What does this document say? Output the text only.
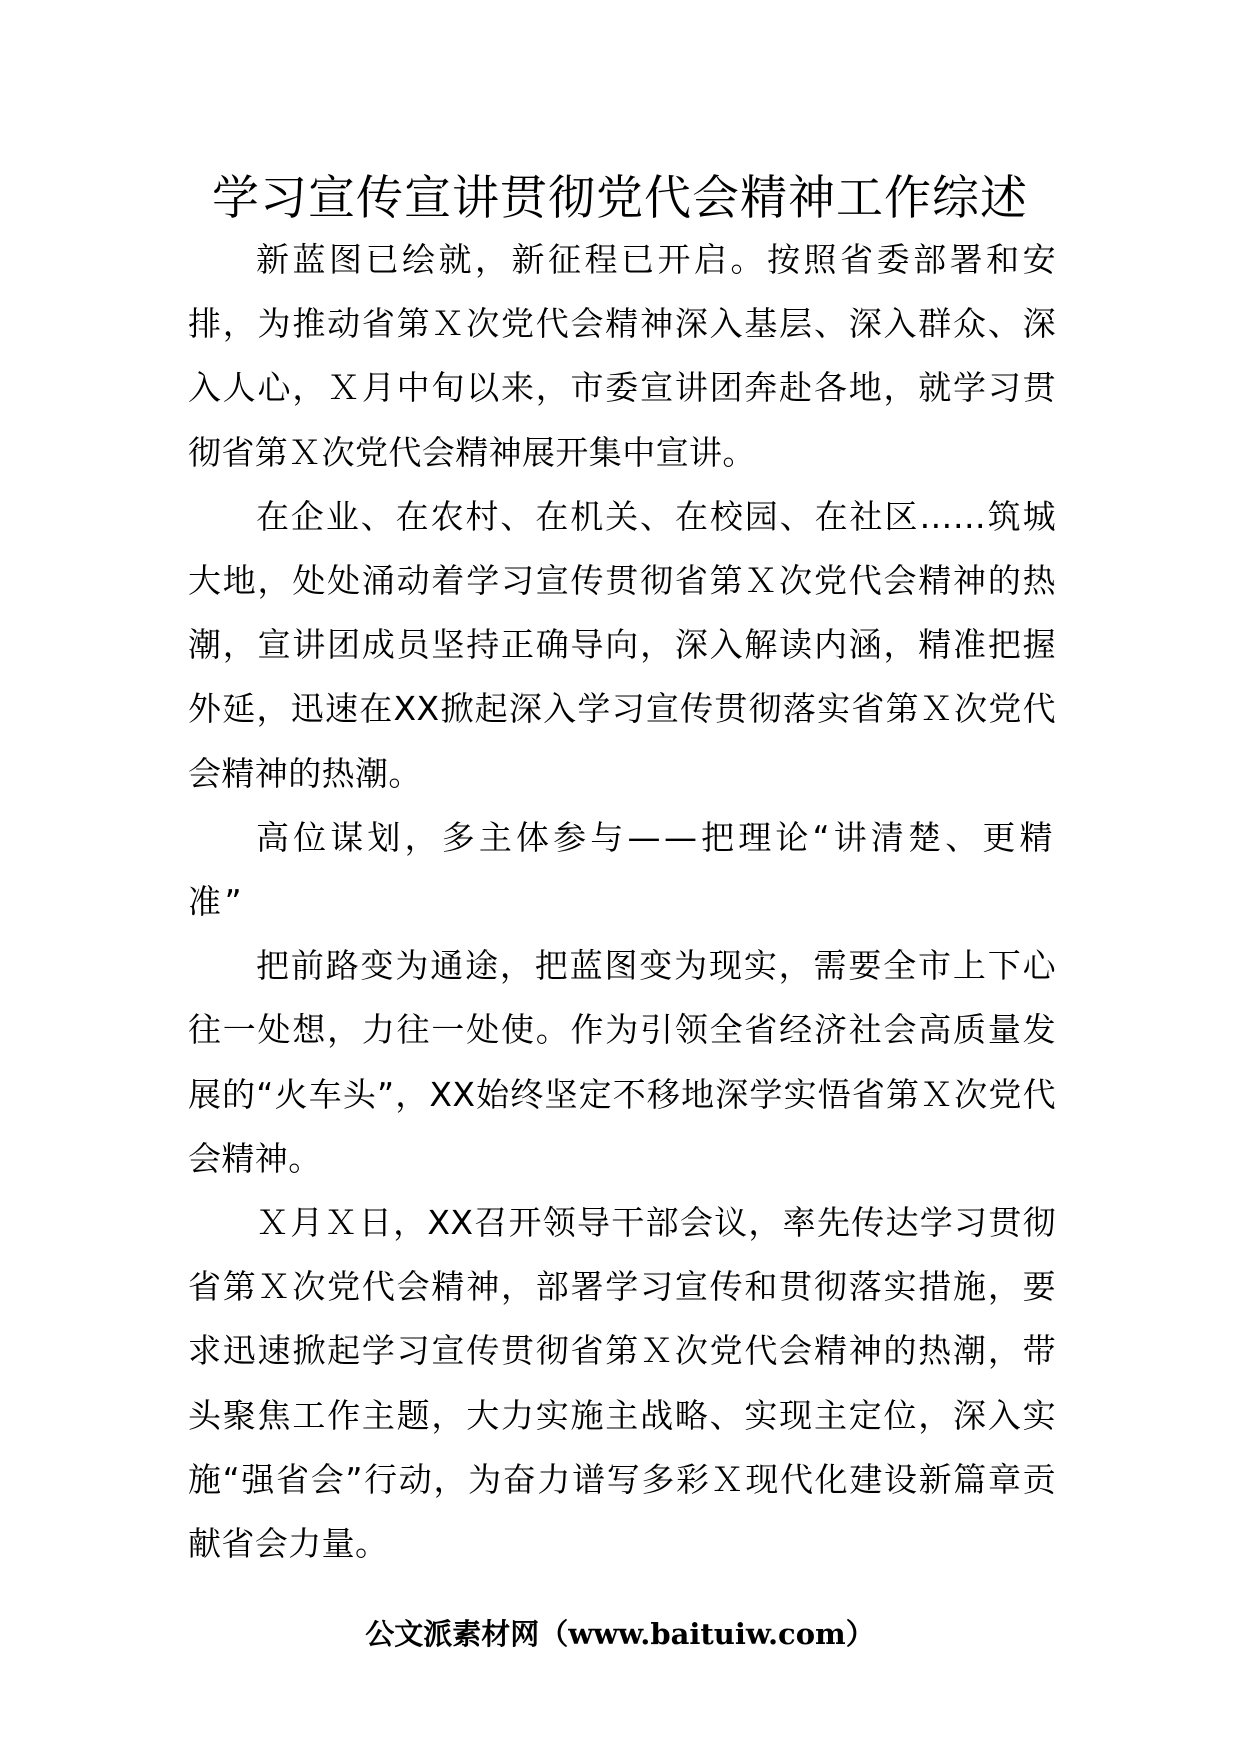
学习宣传宣讲贯彻党代会精神工作综述

新蓝图已绘就，新征程已开启。按照省委部署和安排，为推动省第Ｘ次党代会精神深入基层、深入群众、深入人心，Ｘ月中旬以来，市委宣讲团奔赴各地，就学习贯彻省第Ｘ次党代会精神展开集中宣讲。

在企业、在农村、在机关、在校园、在社区……筑城大地，处处涌动着学习宣传贯彻省第Ｘ次党代会精神的热潮，宣讲团成员坚持正确导向，深入解读内涵，精准把握外延，迅速在XX掀起深入学习宣传贯彻落实省第Ｘ次党代会精神的热潮。

高位谋划，多主体参与——把理论“讲清楚、更精准”

把前路变为通途，把蓝图变为现实，需要全市上下心往一处想，力往一处使。作为引领全省经济社会高质量发展的“火车头”，XX始终坚定不移地深学实悟省第Ｘ次党代会精神。

Ｘ月Ｘ日，XX召开领导干部会议，率先传达学习贯彻省第Ｘ次党代会精神，部署学习宣传和贯彻落实措施，要求迅速掀起学习宣传贯彻省第Ｘ次党代会精神的热潮，带头聚焦工作主题，大力实施主战略、实现主定位，深入实施“强省会”行动，为奋力谱写多彩Ｘ现代化建设新篇章贡献省会力量。

公文派素材网（www.baituiw.com）
